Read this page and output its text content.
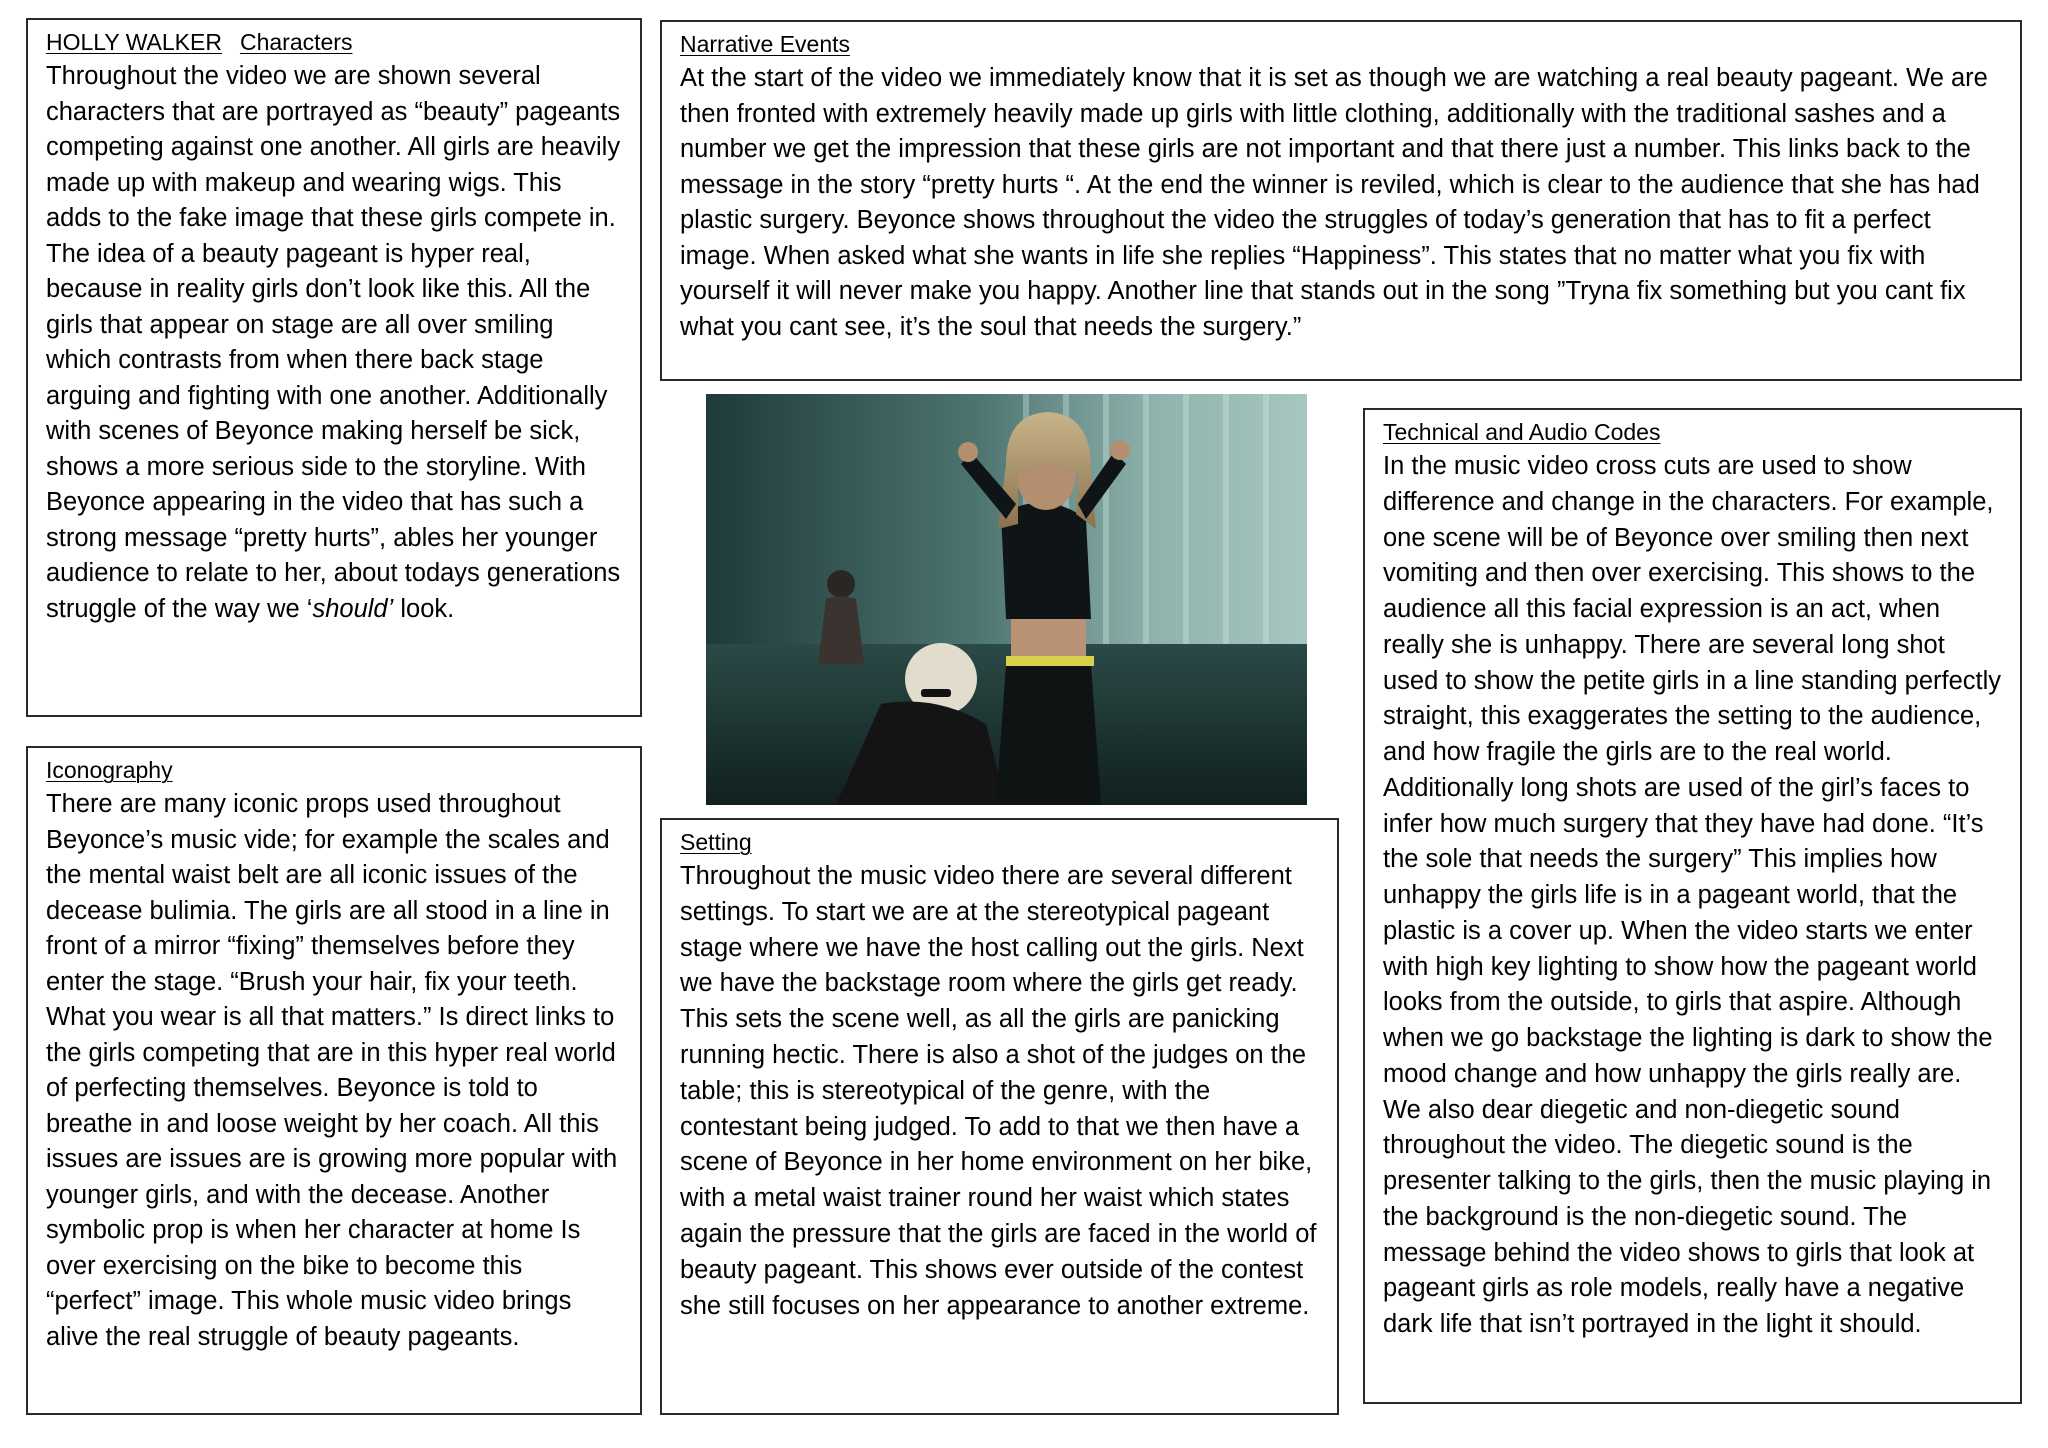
HOLLY WALKER Characters

Throughout the video we are shown several characters that are portrayed as “beauty” pageants competing against one another. All girls are heavily made up with makeup and wearing wigs. This adds to the fake image that these girls compete in. The idea of a beauty pageant is hyper real, because in reality girls don’t look like this. All the girls that appear on stage are all over smiling which contrasts from when there back stage arguing and fighting with one another. Additionally with scenes of Beyonce making herself be sick, shows a more serious side to the storyline. With Beyonce appearing in the video that has such a strong message “pretty hurts”, ables her younger audience to relate to her, about todays generations struggle of the way we ‘should’ look.

Narrative Events

At the start of the video we immediately know that it is set as though we are watching a real beauty pageant. We are then fronted with extremely heavily made up girls with little clothing, additionally with the traditional sashes and a number we get the impression that these girls are not important and that there just a number. This links back to the message in the story “pretty hurts “. At the end the winner is reviled, which is clear to the audience that she has had plastic surgery. Beyonce shows throughout the video the struggles of today’s generation that has to fit a perfect image. When asked what she wants in life she replies “Happiness”. This states that no matter what you fix with yourself it will never make you happy. Another line that stands out in the song ”Tryna fix something but you cant fix what you cant see, it’s the soul that needs the surgery.”

Iconography

There are many iconic props used throughout Beyonce’s music vide; for example the scales and the mental waist belt are all iconic issues of the decease bulimia. The girls are all stood in a line in front of a mirror “fixing” themselves before they enter the stage. “Brush your hair, fix your teeth. What you wear is all that matters.” Is direct links to the girls competing that are in this hyper real world of perfecting themselves. Beyonce is told to breathe in and loose weight by her coach. All this issues are issues are is growing more popular with younger girls, and with the decease. Another symbolic prop is when her character at home Is over exercising on the bike to become this “perfect” image. This whole music video brings alive the real struggle of beauty pageants.

Setting

Throughout the music video there are several different settings. To start we are at the stereotypical pageant stage where we have the host calling out the girls. Next we have the backstage room where the girls get ready. This sets the scene well, as all the girls are panicking running hectic. There is also a shot of the judges on the table; this is stereotypical of the genre, with the contestant being judged. To add to that we then have a scene of Beyonce in her home environment on her bike, with a metal waist trainer round her waist which states again the pressure that the girls are faced in the world of beauty pageant. This shows ever outside of the contest she still focuses on her appearance to another extreme.

Technical and Audio Codes

In the music video cross cuts are used to show difference and change in the characters. For example, one scene will be of Beyonce over smiling then next vomiting and then over exercising. This shows to the audience all this facial expression is an act, when really she is unhappy. There are several long shot used to show the petite girls in a line standing perfectly straight, this exaggerates the setting to the audience, and how fragile the girls are to the real world. Additionally long shots are used of the girl’s faces to infer how much surgery that they have had done. “It’s the sole that needs the surgery” This implies how unhappy the girls life is in a pageant world, that the plastic is a cover up. When the video starts we enter with high key lighting to show how the pageant world looks from the outside, to girls that aspire. Although when we go backstage the lighting is dark to show the mood change and how unhappy the girls really are. We also dear diegetic and non-diegetic sound throughout the video. The diegetic sound is the presenter talking to the girls, then the music playing in the background is the non-diegetic sound. The message behind the video shows to girls that look at pageant girls as role models, really have a negative dark life that isn’t portrayed in the light it should.
